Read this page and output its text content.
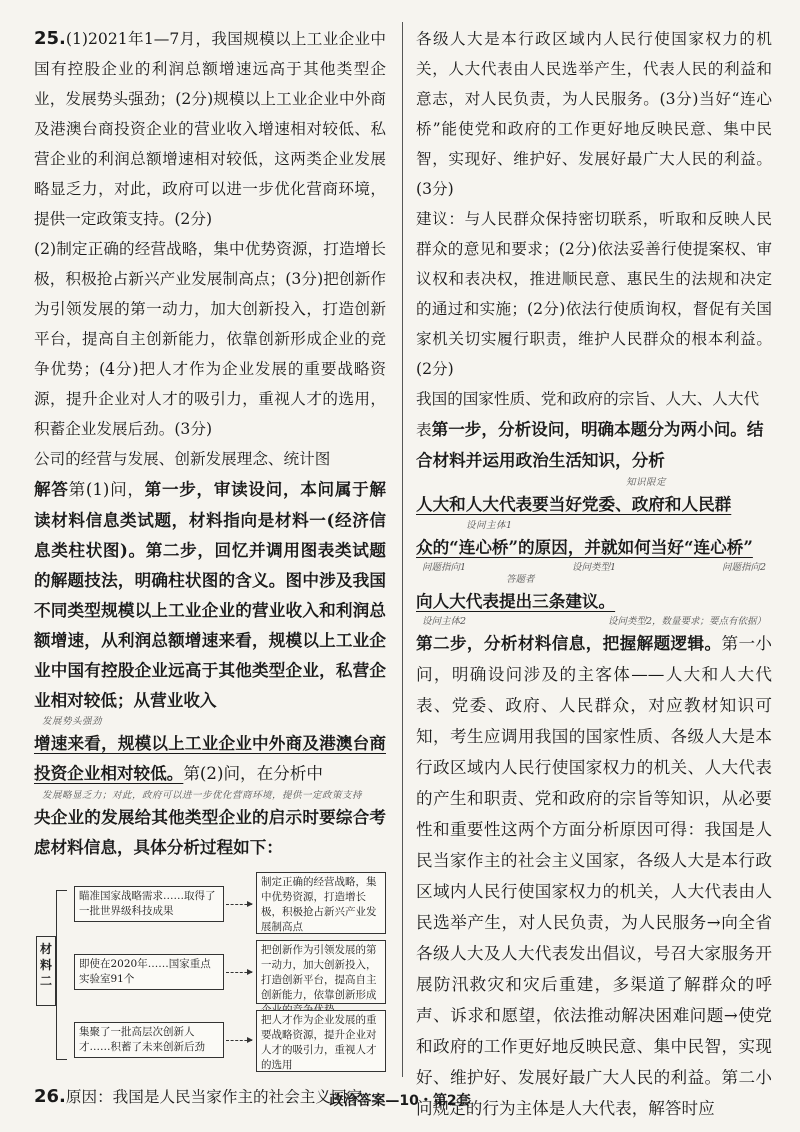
25.(1)2021年1—7月，我国规模以上工业企业中国有控股企业的利润总额增速远高于其他类型企业，发展势头强劲；(2分)规模以上工业企业中外商及港澳台商投资企业的营业收入增速相对较低、私营企业的利润总额增速相对较低，这两类企业发展略显乏力，对此，政府可以进一步优化营商环境，提供一定政策支持。(2分)

(2)制定正确的经营战略，集中优势资源，打造增长极，积极抢占新兴产业发展制高点；(3分)把创新作为引领发展的第一动力，加大创新投入，打造创新平台，提高自主创新能力，依靠创新形成企业的竞争优势；(4分)把人才作为企业发展的重要战略资源，提升企业对人才的吸引力，重视人才的选用，积蓄企业发展后劲。(3分)

公司的经营与发展、创新发展理念、统计图

解答第(1)问，第一步，审读设问，本问属于解读材料信息类试题，材料指向是材料一(经济信息类柱状图)。第二步，回忆并调用图表类试题的解题技法，明确柱状图的含义。图中涉及我国不同类型规模以上工业企业的营业收入和利润总额增速，从利润总额增速来看，规模以上工业企业中国有控股企业远高于其他类型企业，私营企业相对较低；从营业收入

发展势头强劲

增速来看，规模以上工业企业中外商及港澳台商投资企业相对较低。第(2)问，在分析中

发展略显乏力；对此，政府可以进一步优化营商环境，提供一定政策支持

央企业的发展给其他类型企业的启示时要综合考虑材料信息，具体分析过程如下：

材料二
瞄准国家战略需求……取得了一批世界级科技成果
即使在2020年……国家重点实验室91个
集聚了一批高层次创新人才……积蓄了未来创新后劲
制定正确的经营战略，集中优势资源，打造增长极，积极抢占新兴产业发展制高点
把创新作为引领发展的第一动力，加大创新投入，打造创新平台，提高自主创新能力，依靠创新形成
把人才作为企业发展的重要战略资源，提升企业对人才的吸引力，重视人才的选用

26.原因：我国是人民当家作主的社会主义国家，

各级人大是本行政区域内人民行使国家权力的机关，人大代表由人民选举产生，代表人民的利益和意志，对人民负责，为人民服务。(3分)当好“连心桥”能使党和政府的工作更好地反映民意、集中民智，实现好、维护好、发展好最广大人民的利益。(3分)

建议：与人民群众保持密切联系，听取和反映人民群众的意见和要求；(2分)依法妥善行使提案权、审议权和表决权，推进顺民意、惠民生的法规和决定的通过和实施；(2分)依法行使质询权，督促有关国家机关切实履行职责，维护人民群众的根本利益。(2分)

我国的国家性质、党和政府的宗旨、人大、人大代表第一步，分析设问，明确本题分为两小问。结合材料并运用政治生活知识，分析

知识限定

人大和人大代表要当好党委、政府和人民群

设问主体1

众的“连心桥”的原因，并就如何当好“连心桥”

问题指向1	设问类型1	问题指向2
答题者

向人大代表提出三条建议。

设问主体2	设问类型2，数量要求；要点有依据）

第二步，分析材料信息，把握解题逻辑。第一小问，明确设问涉及的主客体——人大和人大代表、党委、政府、人民群众，对应教材知识可知，考生应调用我国的国家性质、各级人大是本行政区域内人民行使国家权力的机关、人大代表的产生和职责、党和政府的宗旨等知识，从必要性和重要性这两个方面分析原因可得：我国是人民当家作主的社会主义国家，各级人大是本行政区域内人民行使国家权力的机关，人大代表由人民选举产生，对人民负责，为人民服务→向全省各级人大及人大代表发出倡议，号召大家服务开展防汛救灾和灾后重建，多渠道了解群众的呼声、诉求和愿望，依法推动解决困难问题→使党和政府的工作更好地反映民意、集中民智，实现好、维护好、发展好最广大人民的利益。第二小问规定的行为主体是人大代表，解答时应

政治答案—10・第2套
